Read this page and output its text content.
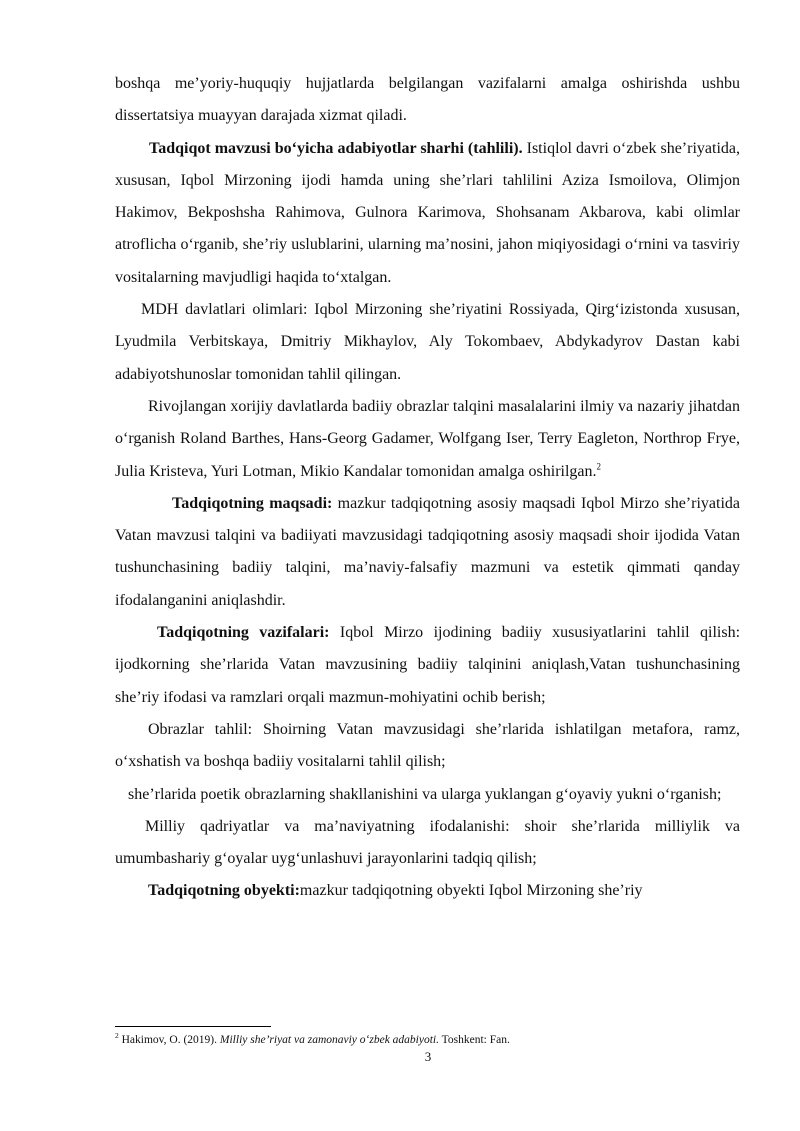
boshqa me’yoriy-huquqiy hujjatlarda belgilangan vazifalarni amalga oshirishda ushbu dissertatsiya muayyan darajada xizmat qiladi.

Tadqiqot mavzusi boʻyicha adabiyotlar sharhi (tahlili). Istiqlol davri oʻzbek she’riyatida, xususan, Iqbol Mirzoning ijodi hamda uning she’rlari tahlilini Aziza Ismoilova, Olimjon Hakimov, Bekposhsha Rahimova, Gulnora Karimova, Shohsanam Akbarova, kabi olimlar atroflicha oʻrganib, she’riy uslublarini, ularning ma’nosini, jahon miqiyosidagi oʻrnini va tasviriy vositalarning mavjudligi haqida toʻxtalgan.

MDH davlatlari olimlari: Iqbol Mirzoning she’riyatini Rossiyada, Qirgʻizistonda xususan, Lyudmila Verbitskaya, Dmitriy Mikhaylov, Aly Tokombaev, Abdykadyrov Dastan kabi adabiyotshunoslar tomonidan tahlil qilingan.

Rivojlangan xorijiy davlatlarda badiiy obrazlar talqini masalalarini ilmiy va nazariy jihatdan oʻrganish Roland Barthes, Hans-Georg Gadamer, Wolfgang Iser, Terry Eagleton, Northrop Frye, Julia Kristeva, Yuri Lotman, Mikio Kandalar tomonidan amalga oshirilgan.$^2$

Tadqiqotning maqsadi: mazkur tadqiqotning asosiy maqsadi Iqbol Mirzo she’riyatida Vatan mavzusi talqini va badiiyati mavzusidagi tadqiqotning asosiy maqsadi shoir ijodida Vatan tushunchasining badiiy talqini, ma’naviy-falsafiy mazmuni va estetik qimmati qanday ifodalanganini aniqlashdir.

Tadqiqotning vazifalari: Iqbol Mirzo ijodining badiiy xususiyatlarini tahlil qilish: ijodkorning she’rlarida Vatan mavzusining badiiy talqinini aniqlash,Vatan tushunchasining she’riy ifodasi va ramzlari orqali mazmun-mohiyatini ochib berish;

Obrazlar tahlil: Shoirning Vatan mavzusidagi she’rlarida ishlatilgan metafora, ramz, oʻxshatish va boshqa badiiy vositalarni tahlil qilish;

she’rlarida poetik obrazlarning shakllanishini va ularga yuklangan gʻoyaviy yukni oʻrganish;

Milliy qadriyatlar va ma’naviyatning ifodalanishi: shoir she’rlarida milliylik va umumbashariy gʻoyalar uygʻunlashuvi jarayonlarini tadqiq qilish;

Tadqiqotning obyekti:mazkur tadqiqotning obyekti Iqbol Mirzoning she’riy

$^2$ Hakimov, O. (2019). Milliy she’riyat va zamonaviy oʻzbek adabiyoti. Toshkent: Fan.
3
